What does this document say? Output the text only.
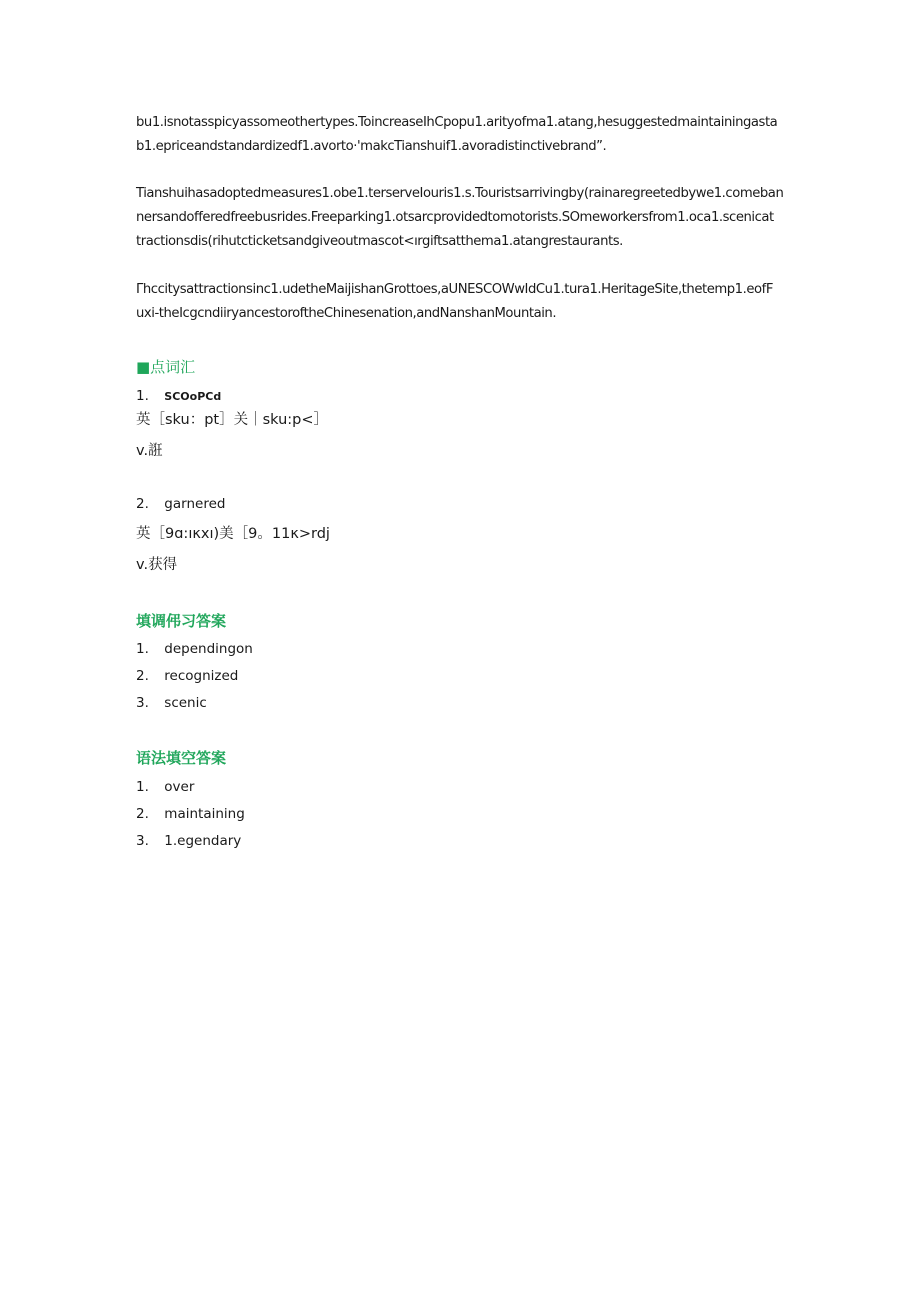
bu1.isnotasspicyassomeothertypes.ToincreaseIhCpopu1.arityofma1.atang,hesuggestedmaintainingasta
b1.epriceandstandardizedf1.avorto·'makcTianshuif1.avoradistinctivebrand”.
Tianshuihasadoptedmeasures1.obe1.terserveIouris1.s.Touristsarrivingby(rainaregreetedbywe1.comeban
nersandofferedfreebusrides.Freeparking1.otsarcprovidedtomotorists.SOmeworkersfrom1.oca1.scenicat
tractionsdis(rihutcticketsandgiveoutmascot<ırgiftsatthema1.atangrestaurants.
Γhccitysattractionsinc1.udetheMaijishanGrottoes,aUNESCOWwIdCu1.tura1.HeritageSite,thetemp1.eofF
uxi-theIcgcndiiryancestoroftheChinesenation,andNanshanMountain.
■点词汇
1. SCOoPCd
英［sku：pt］关｜sku:p<］
v.誑
2. garnered
英［9ɑ:ıκxı)美［9。11κ>rdj
v.获得
填调伄习答案
1. dependingon
2. recognized
3. scenic
语法填空答案
1. over
2. maintaining
3. 1.egendary
